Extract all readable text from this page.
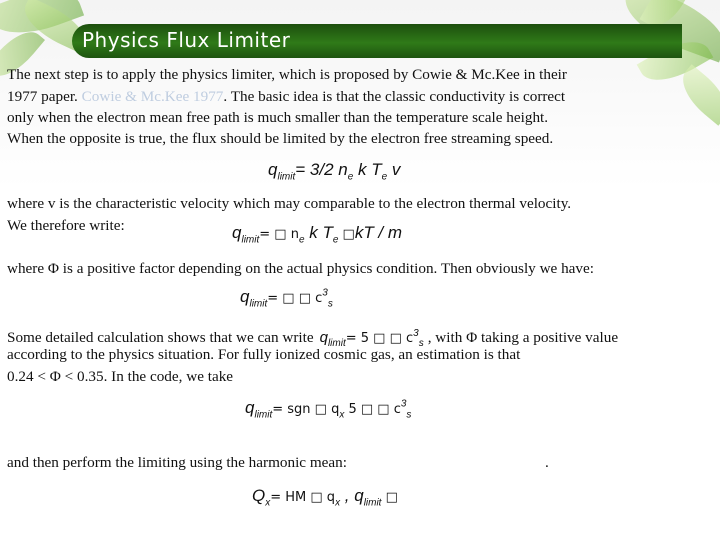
Physics Flux Limiter
The next step is to apply the physics limiter, which is proposed by Cowie & Mc.Kee in their
1977 paper. Cowie & Mc.Kee 1977. The basic idea is that the classic conductivity is correct
only when the electron mean free path is much smaller than the temperature scale height.
When the opposite is true, the flux should be limited by the electron free streaming speed.
$q_{limit}= 3/2$ $n_e$ k $T_e$ v
where v is the characteristic velocity which may comparable to the electron thermal velocity.
We therefore write:	$q_{limit}=$ □ $n_e$ k $T_e$ □kT / m
where Φ is a positive factor depending on the actual physics condition. Then obviously we have:
$q_{limit}=$ □ □ $c^3_s$
Some detailed calculation shows that we can write $q_{limit}= 5$ □ □ $c^3_s$ , with Φ taking a positive value
according to the physics situation. For fully ionized cosmic gas, an estimation is that
0.24 < Φ < 0.35. In the code, we take
$q_{limit}=$ sgn □ $q_x$ 5 □ □ $c^3_s$
and then perform the limiting using the harmonic mean:	.
$Q_x=$ HM □ $q_x$ , $q_{limit}$ □
